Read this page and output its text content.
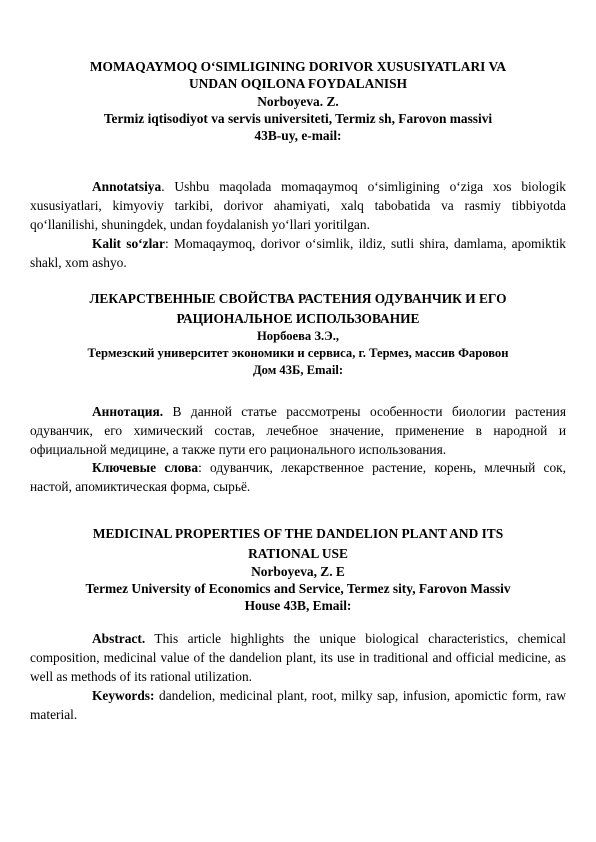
MOMAQAYMOQ O‘SIMLIGINING DORIVOR XUSUSIYATLARI VA
UNDAN OQILONA FOYDALANISH
Norboyeva. Z.
Termiz iqtisodiyot va servis universiteti, Termiz sh, Farovon massivi
43B-uy, e-mail:

Annotatsiya. Ushbu maqolada momaqaymoq o‘simligining o‘ziga xos biologik xususiyatlari, kimyoviy tarkibi, dorivor ahamiyati, xalq tabobatida va rasmiy tibbiyotda qo‘llanilishi, shuningdek, undan foydalanish yo‘llari yoritilgan.

Kalit so‘zlar: Momaqaymoq, dorivor o‘simlik, ildiz, sutli shira, damlama, apomiktik shakl, xom ashyo.

ЛЕКАРСТВЕННЫЕ СВОЙСТВА РАСТЕНИЯ ОДУВАНЧИК И ЕГО
РАЦИОНАЛЬНОЕ ИСПОЛЬЗОВАНИЕ
Норбоева З.Э.,
Термезский университет экономики и сервиса, г. Термез, массив Фаровон
Дом 43Б, Email:

Аннотация. В данной статье рассмотрены особенности биологии растения одуванчик, его химический состав, лечебное значение, применение в народной и официальной медицине, а также пути его рационального использования.

Ключевые слова: одуванчик, лекарственное растение, корень, млечный сок, настой, апомиктическая форма, сырьё.

MEDICINAL PROPERTIES OF THE DANDELION PLANT AND ITS
RATIONAL USE
Norboyeva, Z. E
Termez University of Economics and Service, Termez sity, Farovon Massiv
House 43B, Email:

Abstract. This article highlights the unique biological characteristics, chemical composition, medicinal value of the dandelion plant, its use in traditional and official medicine, as well as methods of its rational utilization.

Keywords: dandelion, medicinal plant, root, milky sap, infusion, apomictic form, raw material.
